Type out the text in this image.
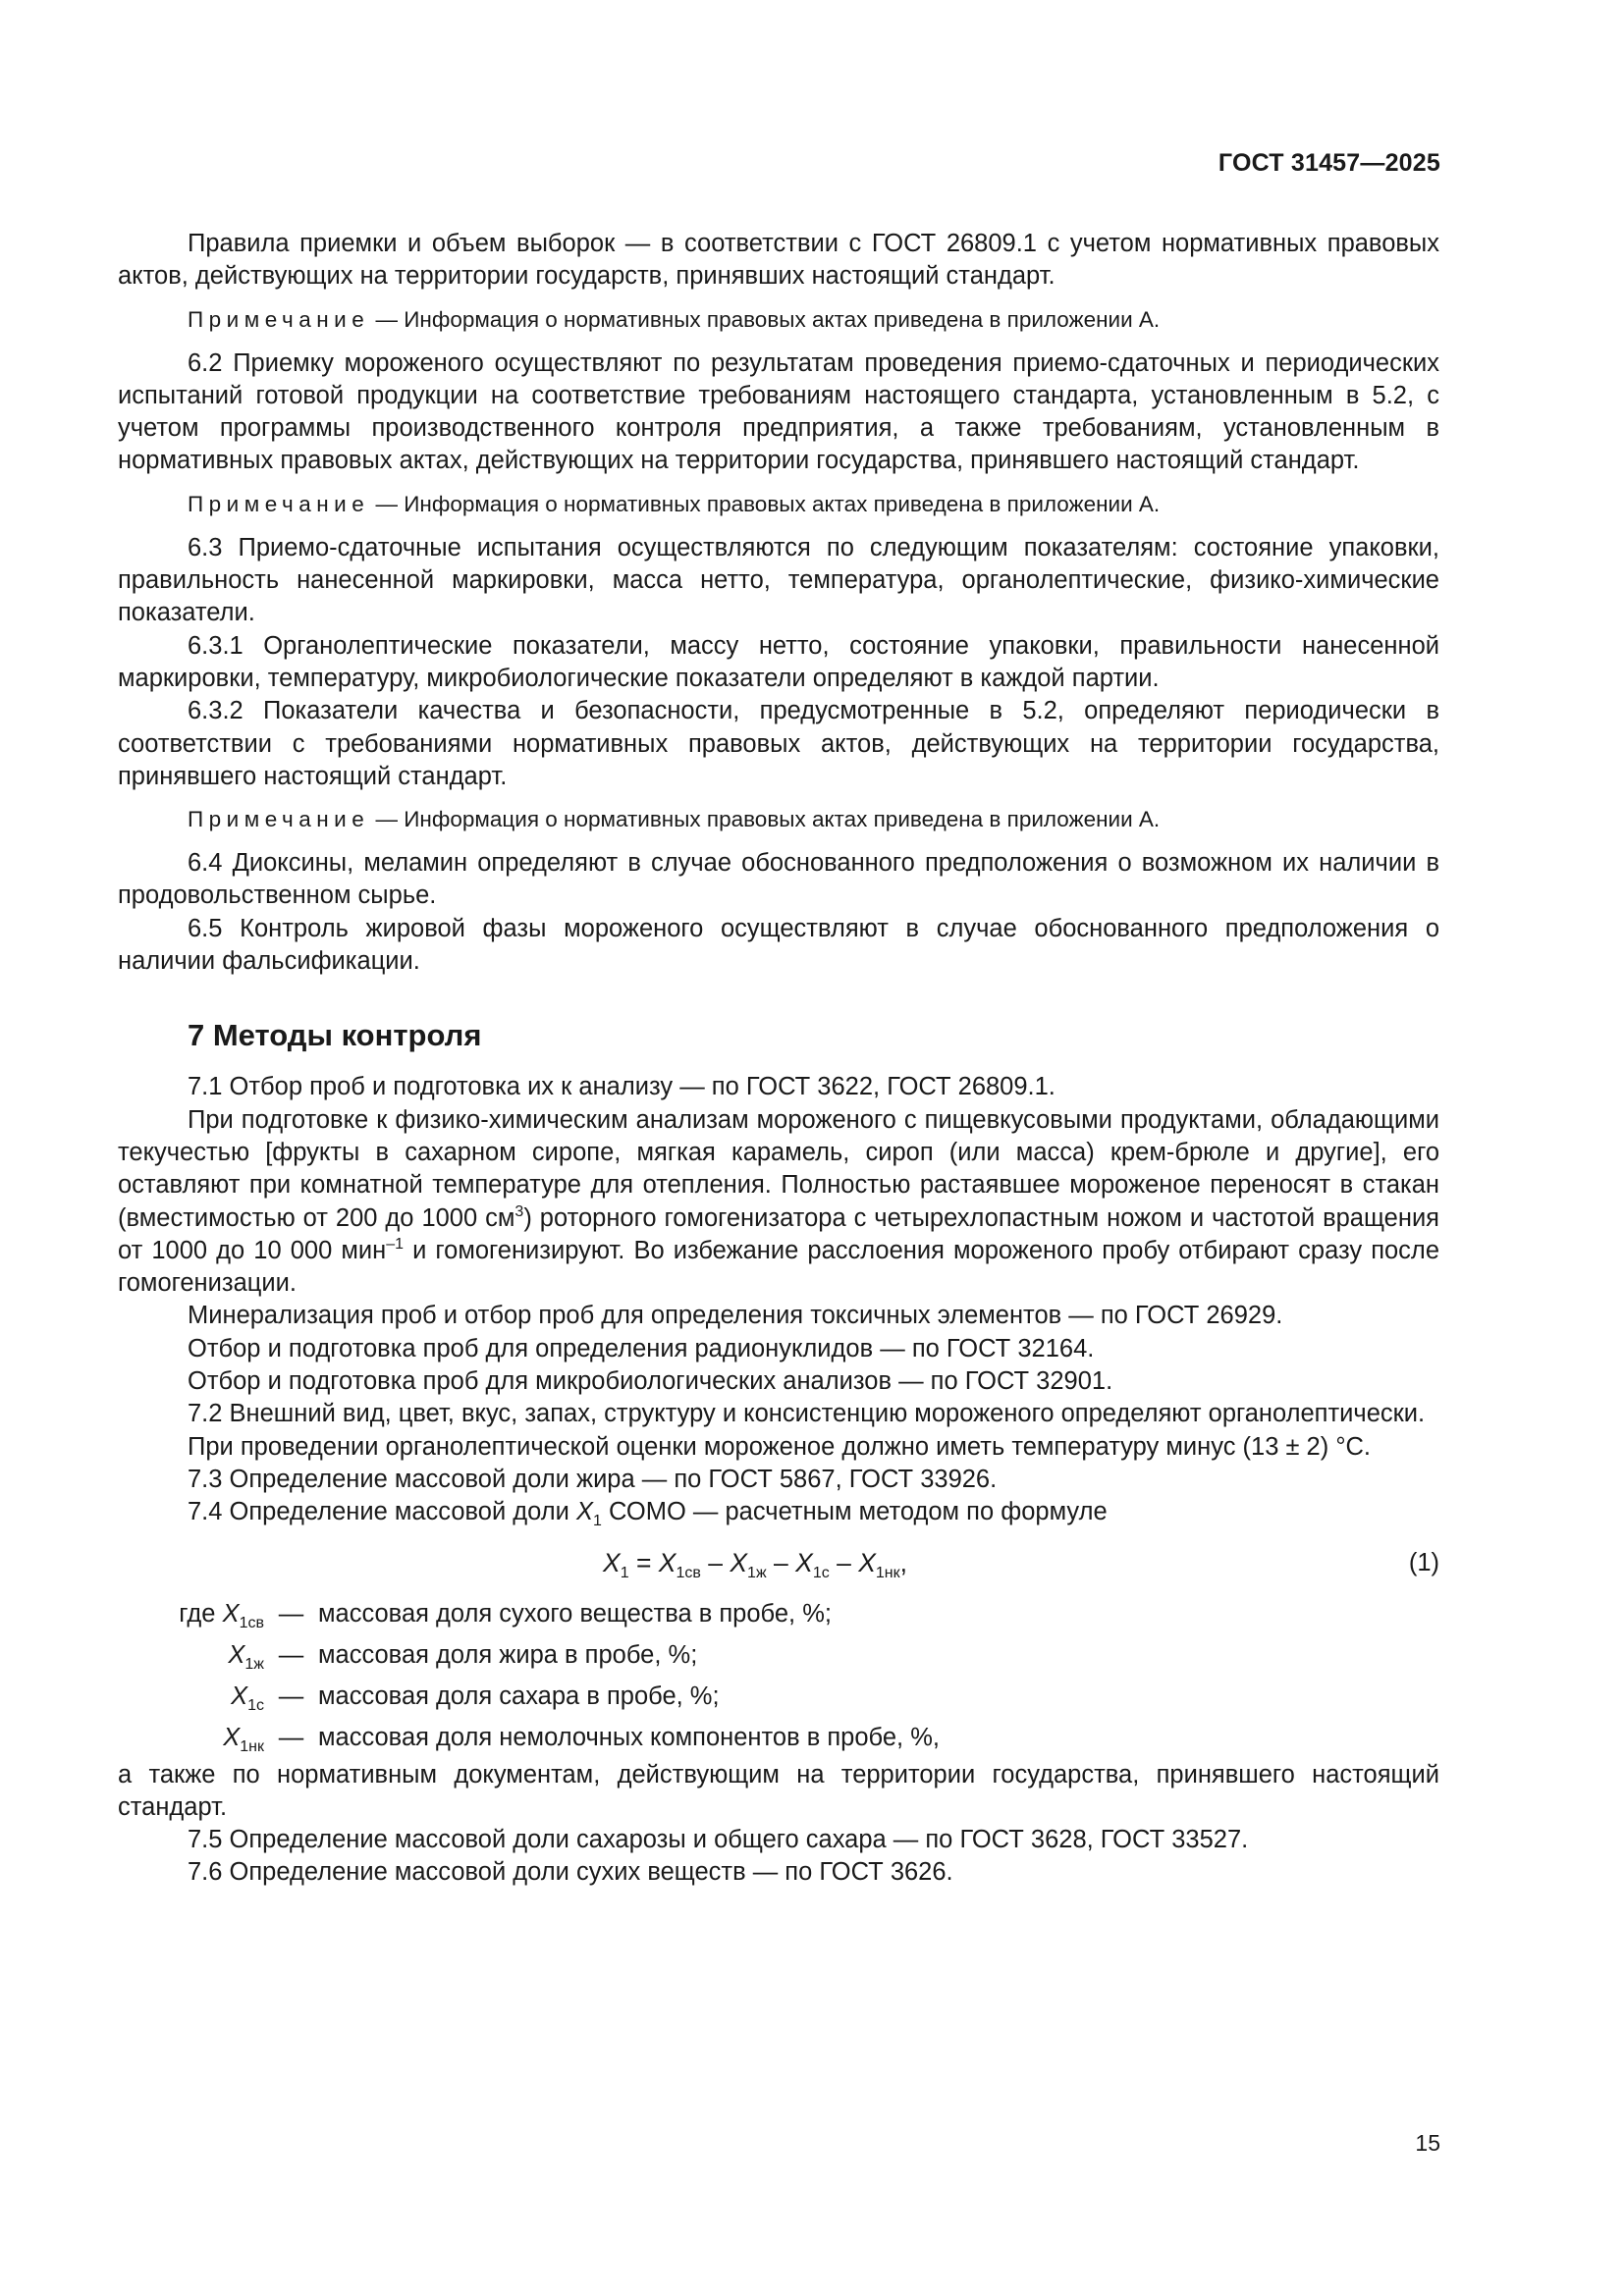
ГОСТ 31457—2025

Правила приемки и объем выборок — в соответствии с ГОСТ 26809.1 с учетом нормативных правовых актов, действующих на территории государств, принявших настоящий стандарт.

Примечание — Информация о нормативных правовых актах приведена в приложении А.

6.2 Приемку мороженого осуществляют по результатам проведения приемо-сдаточных и периодических испытаний готовой продукции на соответствие требованиям настоящего стандарта, установленным в 5.2, с учетом программы производственного контроля предприятия, а также требованиям, установленным в нормативных правовых актах, действующих на территории государства, принявшего настоящий стандарт.

Примечание — Информация о нормативных правовых актах приведена в приложении А.

6.3 Приемо-сдаточные испытания осуществляются по следующим показателям: состояние упаковки, правильность нанесенной маркировки, масса нетто, температура, органолептические, физико-химические показатели.

6.3.1 Органолептические показатели, массу нетто, состояние упаковки, правильности нанесенной маркировки, температуру, микробиологические показатели определяют в каждой партии.

6.3.2 Показатели качества и безопасности, предусмотренные в 5.2, определяют периодически в соответствии с требованиями нормативных правовых актов, действующих на территории государства, принявшего настоящий стандарт.

Примечание — Информация о нормативных правовых актах приведена в приложении А.

6.4 Диоксины, меламин определяют в случае обоснованного предположения о возможном их наличии в продовольственном сырье.

6.5 Контроль жировой фазы мороженого осуществляют в случае обоснованного предположения о наличии фальсификации.

7 Методы контроля

7.1 Отбор проб и подготовка их к анализу — по ГОСТ 3622, ГОСТ 26809.1.

При подготовке к физико-химическим анализам мороженого с пищевкусовыми продуктами, обладающими текучестью [фрукты в сахарном сиропе, мягкая карамель, сироп (или масса) крем-брюле и другие], его оставляют при комнатной температуре для отепления. Полностью растаявшее мороженое переносят в стакан (вместимостью от 200 до 1000 $см^3$) роторного гомогенизатора с четырехлопастным ножом и частотой вращения от 1000 до 10 000 мин$^{-1}$ и гомогенизируют. Во избежание расслоения мороженого пробу отбирают сразу после гомогенизации.

Минерализация проб и отбор проб для определения токсичных элементов — по ГОСТ 26929.

Отбор и подготовка проб для определения радионуклидов — по ГОСТ 32164.

Отбор и подготовка проб для микробиологических анализов — по ГОСТ 32901.

7.2 Внешний вид, цвет, вкус, запах, структуру и консистенцию мороженого определяют органолептически.

При проведении органолептической оценки мороженое должно иметь температуру минус (13 ± 2) °С.

7.3 Определение массовой доли жира — по ГОСТ 5867, ГОСТ 33926.

7.4 Определение массовой доли $X_1$ СОМО — расчетным методом по формуле

$X_1 = X_{1св} - X_{1ж} - X_{1с} - X_{1нк}$,	(1)
где $X_{1св}$	—	массовая доля сухого вещества в пробе, %;
$X_{1ж}$	—	массовая доля жира в пробе, %;
$X_{1с}$	—	массовая доля сахара в пробе, %;
$X_{1нк}$	—	массовая доля немолочных компонентов в пробе, %,

а также по нормативным документам, действующим на территории государства, принявшего настоящий стандарт.

7.5 Определение массовой доли сахарозы и общего сахара — по ГОСТ 3628, ГОСТ 33527.

7.6 Определение массовой доли сухих веществ — по ГОСТ 3626.

15
